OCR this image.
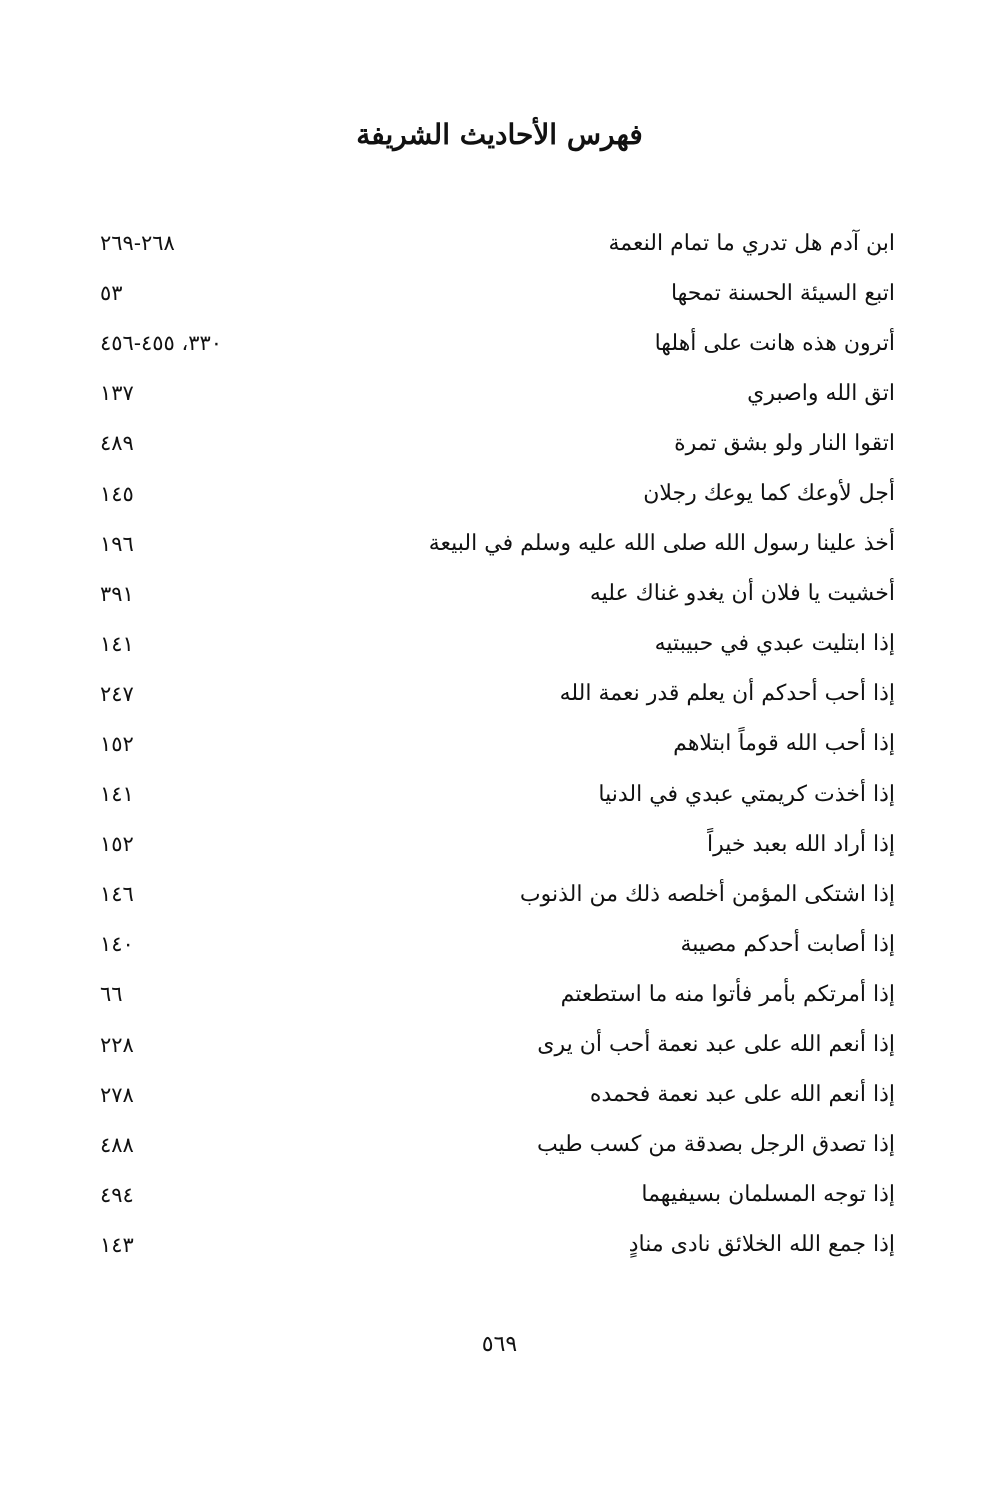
فهرس الأحاديث الشريفة
ابن آدم هل تدري ما تمام النعمة
٢٦٨-٢٦٩
اتبع السيئة الحسنة تمحها
٥٣
أترون هذه هانت على أهلها
٣٣٠، ٤٥٥-٤٥٦
اتق الله واصبري
١٣٧
اتقوا النار ولو بشق تمرة
٤٨٩
أجل لأوعك كما يوعك رجلان
١٤٥
أخذ علينا رسول الله صلى الله عليه وسلم في البيعة
١٩٦
أخشيت يا فلان أن يغدو غناك عليه
٣٩١
إذا ابتليت عبدي في حبيبتيه
١٤١
إذا أحب أحدكم أن يعلم قدر نعمة الله
٢٤٧
إذا أحب الله قوماً ابتلاهم
١٥٢
إذا أخذت كريمتي عبدي في الدنيا
١٤١
إذا أراد الله بعبد خيراً
١٥٢
إذا اشتكى المؤمن أخلصه ذلك من الذنوب
١٤٦
إذا أصابت أحدكم مصيبة
١٤٠
إذا أمرتكم بأمر فأتوا منه ما استطعتم
٦٦
إذا أنعم الله على عبد نعمة أحب أن يرى
٢٢٨
إذا أنعم الله على عبد نعمة فحمده
٢٧٨
إذا تصدق الرجل بصدقة من كسب طيب
٤٨٨
إذا توجه المسلمان بسيفيهما
٤٩٤
إذا جمع الله الخلائق نادى منادٍ
١٤٣
٥٦٩
